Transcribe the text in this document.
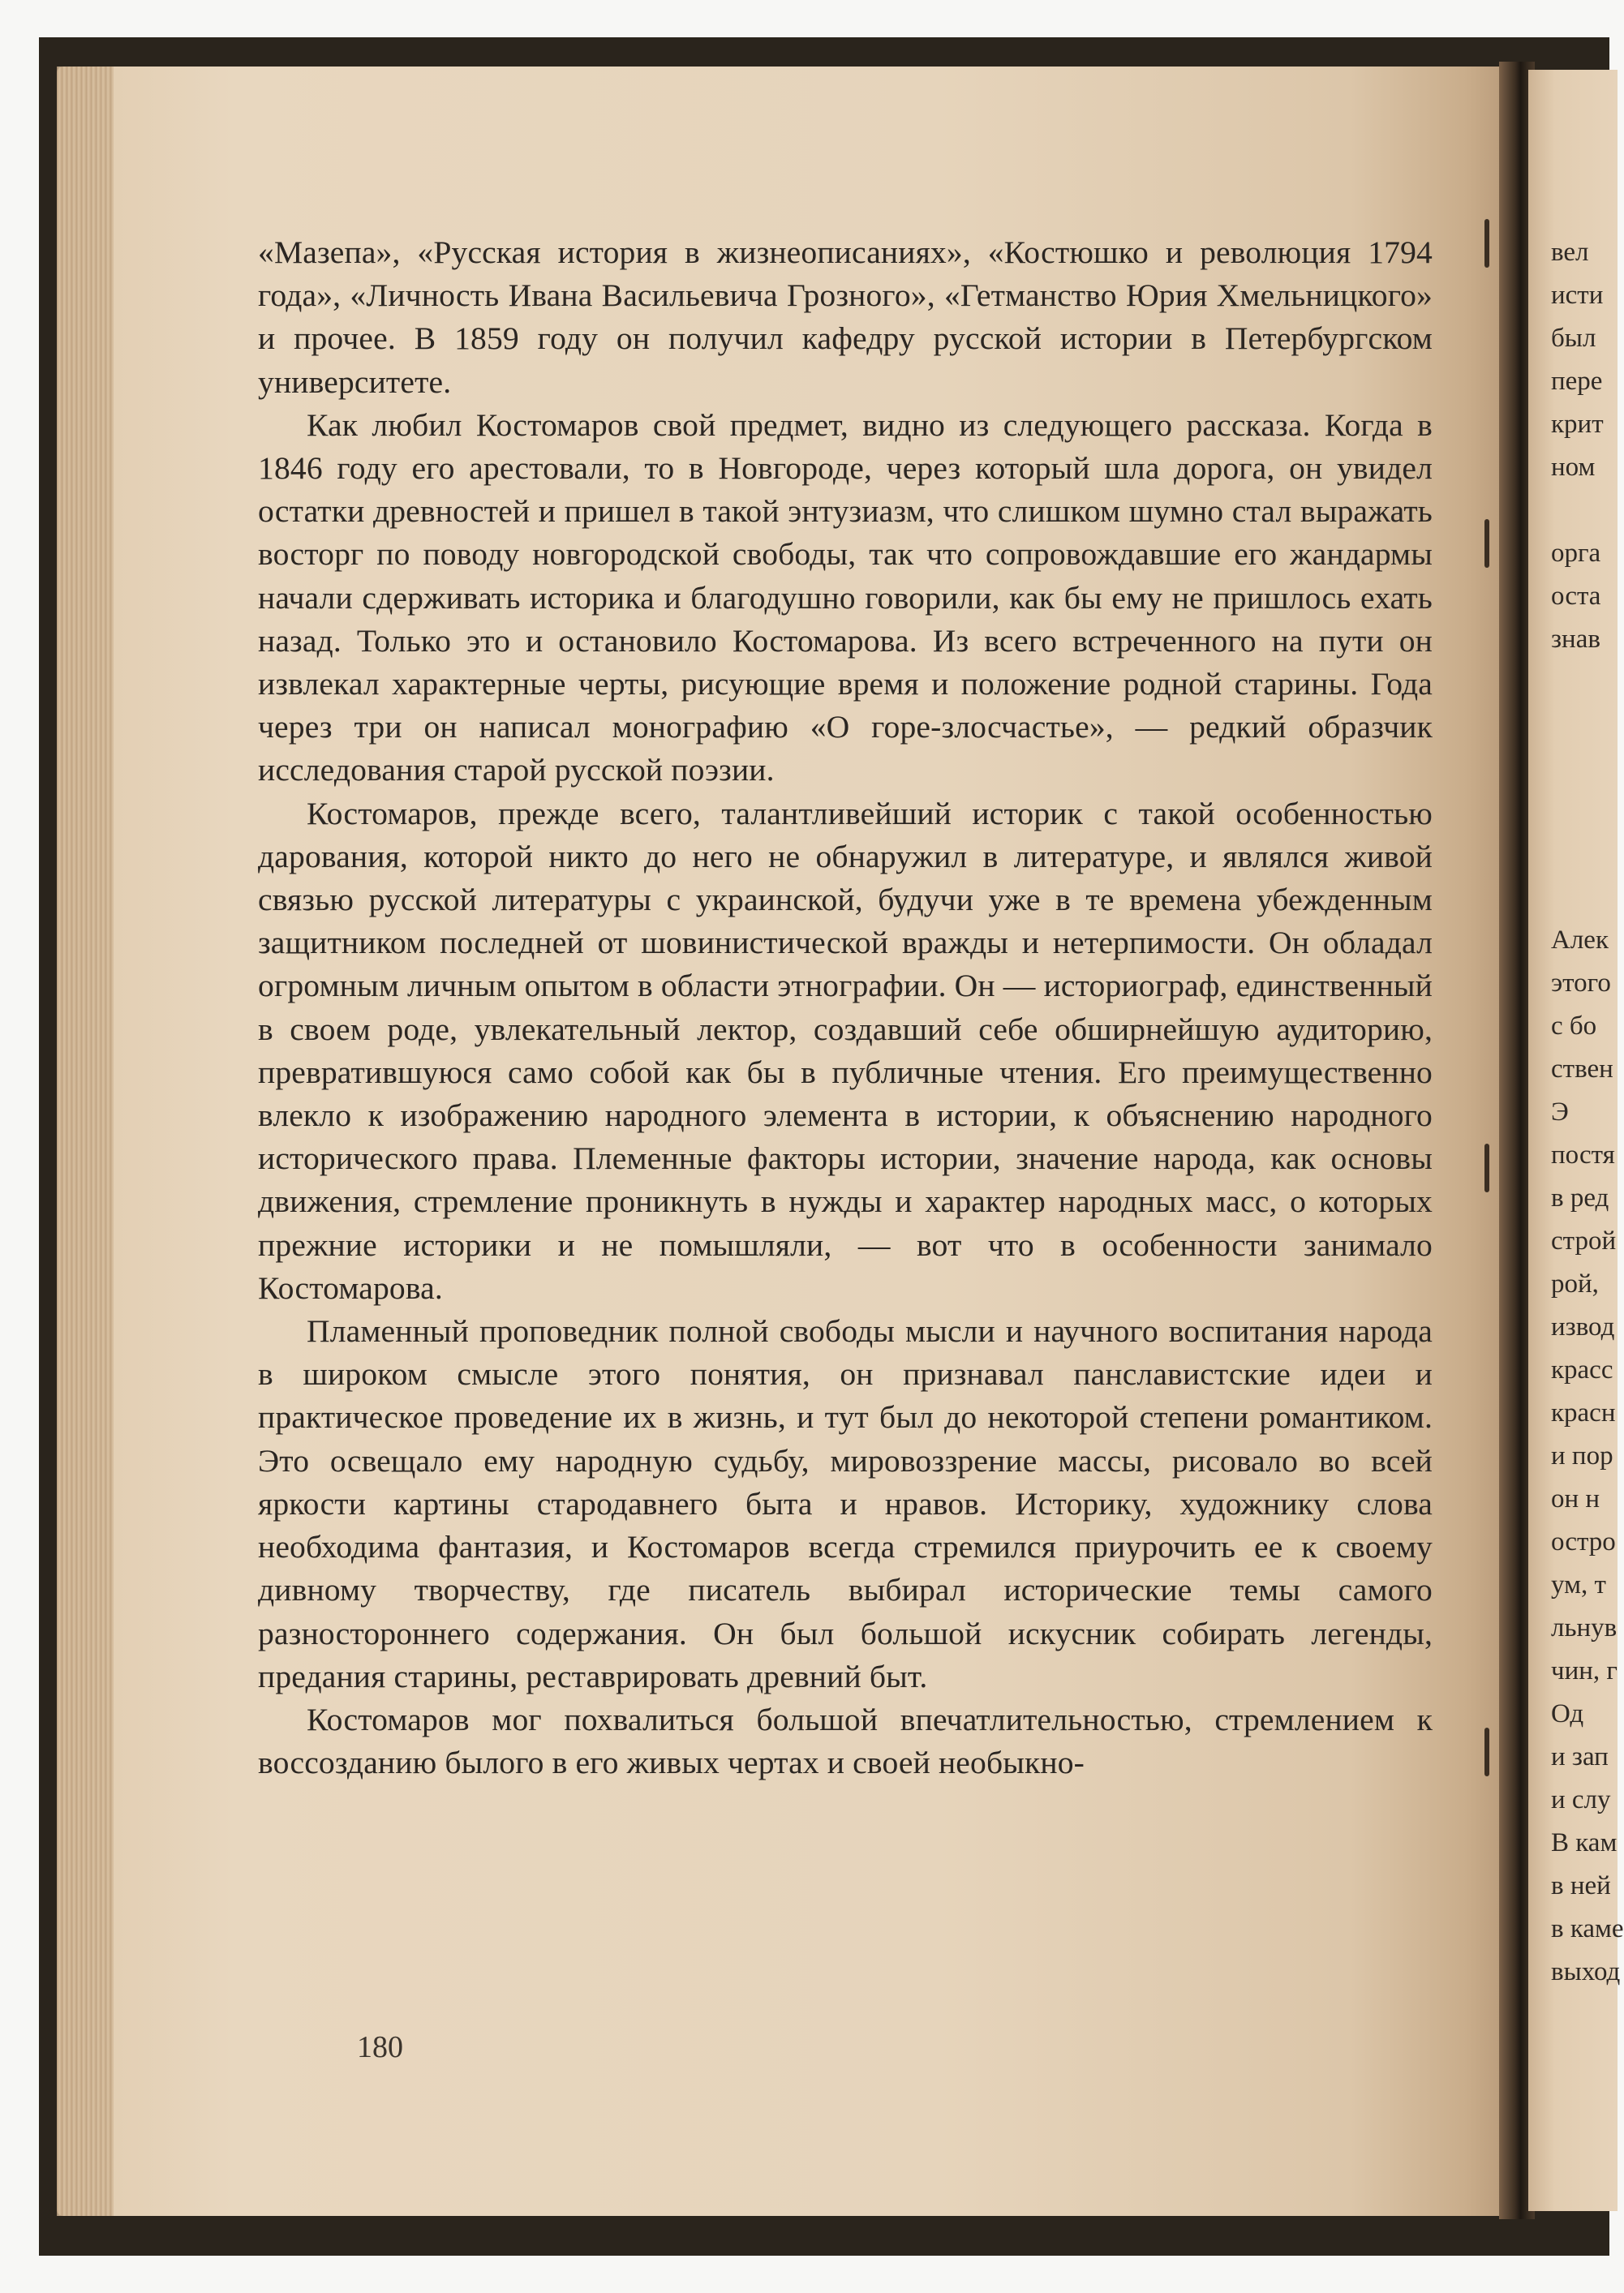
«Мазепа», «Русская история в жизнеописаниях», «Костюшко и революция 1794 года», «Личность Ивана Васильевича Грозного», «Гетманство Юрия Хмельницкого» и прочее. В 1859 году он получил кафедру русской истории в Петербургском университете.

Как любил Костомаров свой предмет, видно из следующего рассказа. Когда в 1846 году его арестовали, то в Новгороде, через который шла дорога, он увидел остатки древностей и пришел в такой энтузиазм, что слишком шумно стал выражать восторг по поводу новгородской свободы, так что сопровождавшие его жандармы начали сдерживать историка и благодушно говорили, как бы ему не пришлось ехать назад. Только это и остановило Костомарова. Из всего встреченного на пути он извлекал характерные черты, рисующие время и положение родной старины. Года через три он написал монографию «О горе-злосчастье», — редкий образчик исследования старой русской поэзии.

Костомаров, прежде всего, талантливейший историк с такой особенностью дарования, которой никто до него не обнаружил в литературе, и являлся живой связью русской литературы с украинской, будучи уже в те времена убежденным защитником последней от шовинистической вражды и нетерпимости. Он обладал огромным личным опытом в области этнографии. Он — историограф, единственный в своем роде, увлекательный лектор, создавший себе обширнейшую аудиторию, превратившуюся само собой как бы в публичные чтения. Его преимущественно влекло к изображению народного элемента в истории, к объяснению народного исторического права. Племенные факторы истории, значение народа, как основы движения, стремление проникнуть в нужды и характер народных масс, о которых прежние историки и не помышляли, — вот что в особенности занимало Костомарова.

Пламенный проповедник полной свободы мысли и научного воспитания народа в широком смысле этого понятия, он признавал панславистские идеи и практическое проведение их в жизнь, и тут был до некоторой степени романтиком. Это освещало ему народную судьбу, мировоззрение массы, рисовало во всей яркости картины стародавнего быта и нравов. Историку, художнику слова необходима фантазия, и Костомаров всегда стремился приурочить ее к своему дивному творчеству, где писатель выбирал исторические темы самого разностороннего содержания. Он был большой искусник собирать легенды, предания старины, реставрировать древний быт.

Костомаров мог похвалиться большой впечатлительностью, стремлением к воссозданию былого в его живых чертах и своей необыкно-

180
вел
исти
был
пере
крит
ном
орга
оста
знав
Алек
этого
с бо
ствен
Э
постя
в ред
строй
рой,
извод
красс
красн
и пор
он н
остро
ум, т
льнув
чин, г
Од
и зап
и слу
В кам
в ней
в каме
выход
